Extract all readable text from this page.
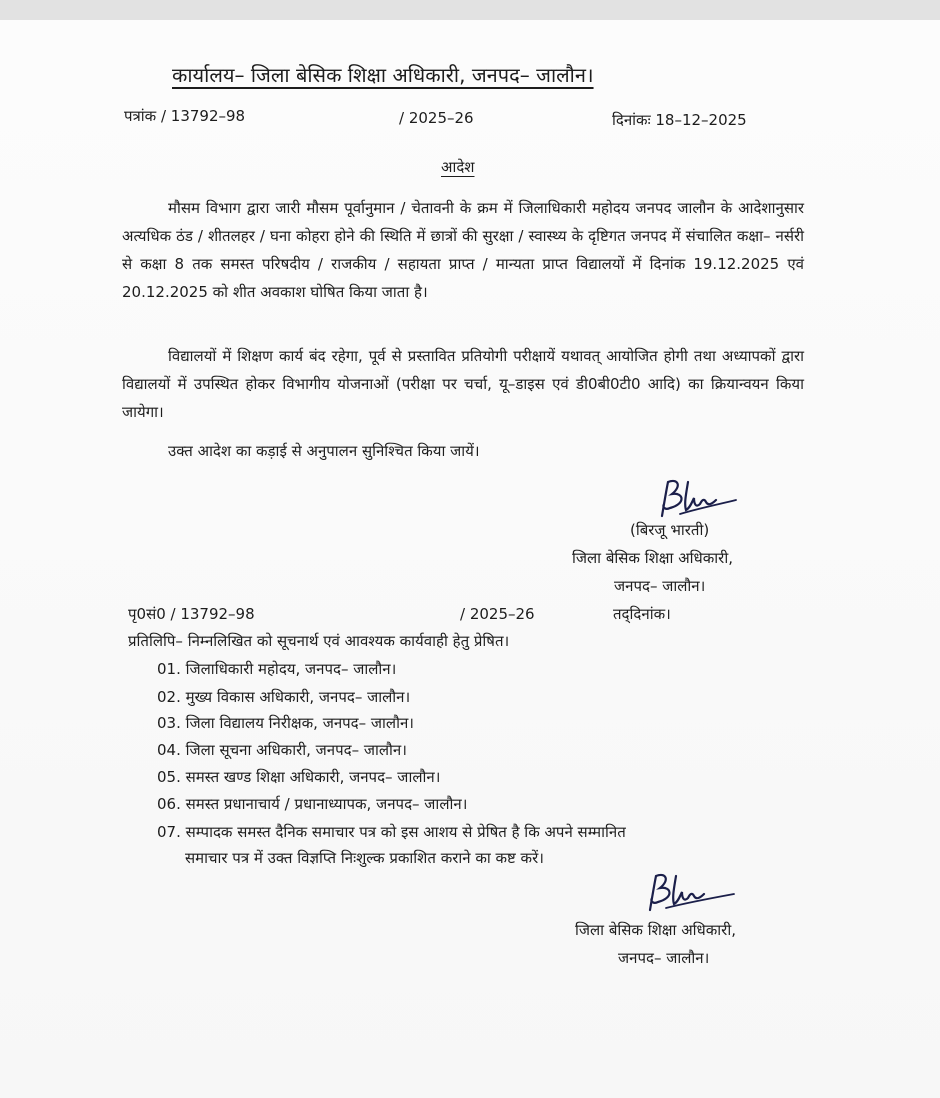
कार्यालय– जिला बेसिक शिक्षा अधिकारी, जनपद– जालौन।
पत्रांक / 13792–98	/ 2025–26	दिनांकः 18–12–2025
आदेश
मौसम विभाग द्वारा जारी मौसम पूर्वानुमान / चेतावनी के क्रम में जिलाधिकारी महोदय जनपद जालौन के आदेशानुसार अत्यधिक ठंड / शीतलहर / घना कोहरा होने की स्थिति में छात्रों की सुरक्षा / स्वास्थ्य के दृष्टिगत जनपद में संचालित कक्षा– नर्सरी से कक्षा 8 तक समस्त परिषदीय / राजकीय / सहायता प्राप्त / मान्यता प्राप्त विद्यालयों में दिनांक 19.12.2025 एवं 20.12.2025 को शीत अवकाश घोषित किया जाता है।
विद्यालयों में शिक्षण कार्य बंद रहेगा, पूर्व से प्रस्तावित प्रतियोगी परीक्षायें यथावत् आयोजित होगी तथा अध्यापकों द्वारा विद्यालयों में उपस्थित होकर विभागीय योजनाओं (परीक्षा पर चर्चा, यू–डाइस एवं डी0बी0टी0 आदि) का क्रियान्वयन किया जायेगा।
उक्त आदेश का कड़ाई से अनुपालन सुनिश्चित किया जायें।
(बिरजू भारती)
जिला बेसिक शिक्षा अधिकारी,
जनपद– जालौन।
पृ0सं0 / 13792–98	/ 2025–26	तद्‌दिनांक।
प्रतिलिपि– निम्नलिखित को सूचनार्थ एवं आवश्यक कार्यवाही हेतु प्रेषित।
01. जिलाधिकारी महोदय, जनपद– जालौन।
02. मुख्य विकास अधिकारी, जनपद– जालौन।
03. जिला विद्यालय निरीक्षक, जनपद– जालौन।
04. जिला सूचना अधिकारी, जनपद– जालौन।
05. समस्त खण्ड शिक्षा अधिकारी, जनपद– जालौन।
06. समस्त प्रधानाचार्य / प्रधानाध्यापक, जनपद– जालौन।
07. सम्पादक समस्त दैनिक समाचार पत्र को इस आशय से प्रेषित है कि अपने सम्मानित
समाचार पत्र में उक्त विज्ञप्ति निःशुल्क प्रकाशित कराने का कष्ट करें।
जिला बेसिक शिक्षा अधिकारी,
जनपद– जालौन।
